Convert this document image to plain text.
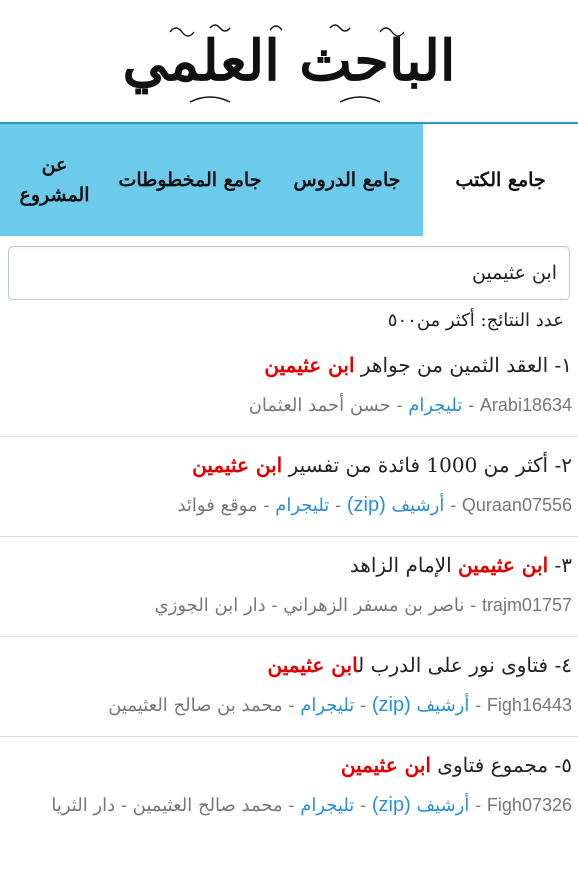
الباحث العلمي
جامع الكتب
جامع الدروس
جامع المخطوطات
عن المشروع
ابن عثيمين
عدد النتائج: أكثر من٥٠٠
١- العقد الثمين من جواهر ابن عثيمين
Arabi18634 - تليجرام - حسن أحمد العثمان
٢- أكثر من 1000 فائدة من تفسير ابن عثيمين
Quraan07556 - أرشيف (zip) - تليجرام - موقع فوائد
٣- ابن عثيمين الإمام الزاهد
trajm01757 - ناصر بن مسفر الزهراني - دار ابن الجوزي
٤- فتاوى نور على الدرب لابن عثيمين
Figh16443 - أرشيف (zip) - تليجرام - محمد بن صالح العثيمين
٥- مجموع فتاوى ابن عثيمين
Figh07326 - أرشيف (zip) - تليجرام - محمد صالح العثيمين - دار الثريا
